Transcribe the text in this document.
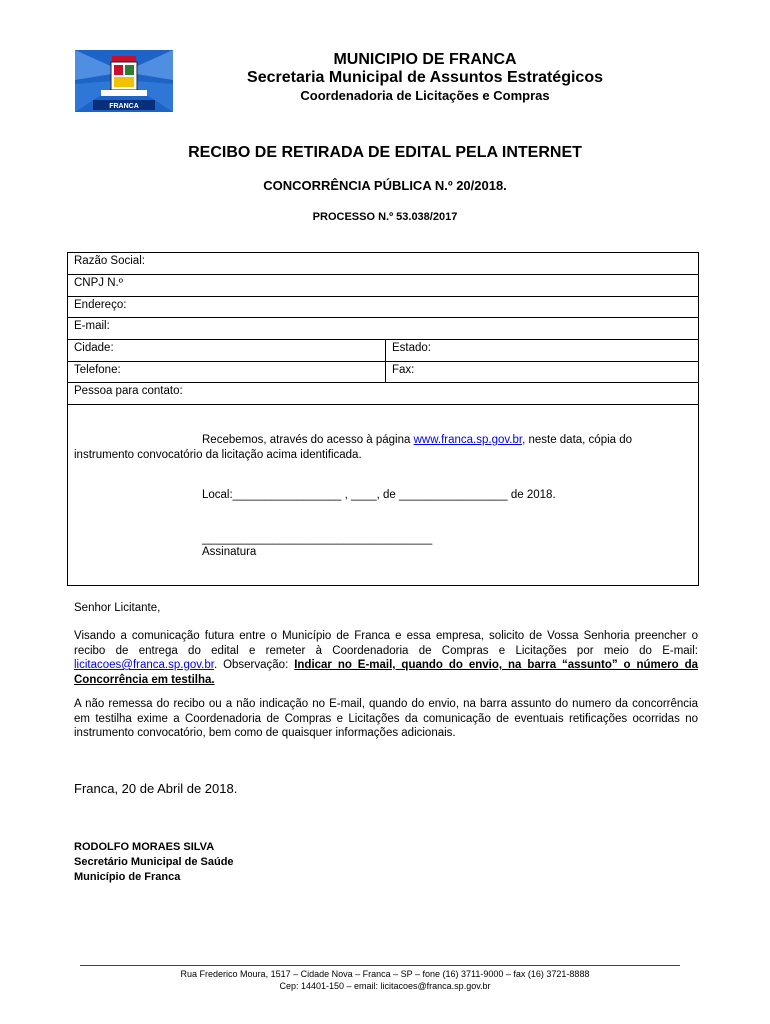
FRANCA
MUNICIPIO DE FRANCA
Secretaria Municipal de Assuntos Estratégicos
Coordenadoria de Licitações e Compras
RECIBO DE RETIRADA DE EDITAL PELA INTERNET
CONCORRÊNCIA PÚBLICA N.º 20/2018.
PROCESSO N.º 53.038/2017
Razão Social:
CNPJ N.º
Endereço:
E-mail:
Cidade:	Estado:
Telefone:	Fax:
Pessoa para contato:
Recebemos, através do acesso à página www.franca.sp.gov.br, neste data, cópia do
instrumento convocatório da licitação acima identificada.
Local:_________________ , ____, de _________________ de 2018.
____________________________________
Assinatura
Senhor Licitante,
Visando a comunicação futura entre o Município de Franca e essa empresa, solicito de Vossa Senhoria preencher o recibo de entrega do edital e remeter à Coordenadoria de Compras e Licitações por meio do E-mail: licitacoes@franca.sp.gov.br. Observação: Indicar no E-mail, quando do envio, na barra “assunto” o número da Concorrência em testilha.
A não remessa do recibo ou a não indicação no E-mail, quando do envio, na barra assunto do numero da concorrência em testilha exime a Coordenadoria de Compras e Licitações da comunicação de eventuais retificações ocorridas no instrumento convocatório, bem como de quaisquer informações adicionais.
Franca, 20 de Abril de 2018.
RODOLFO MORAES SILVA
Secretário Municipal de Saúde
Município de Franca
Rua Frederico Moura, 1517 – Cidade Nova – Franca – SP – fone (16) 3711-9000 – fax (16) 3721-8888
Cep: 14401-150 – email: licitacoes@franca.sp.gov.br
